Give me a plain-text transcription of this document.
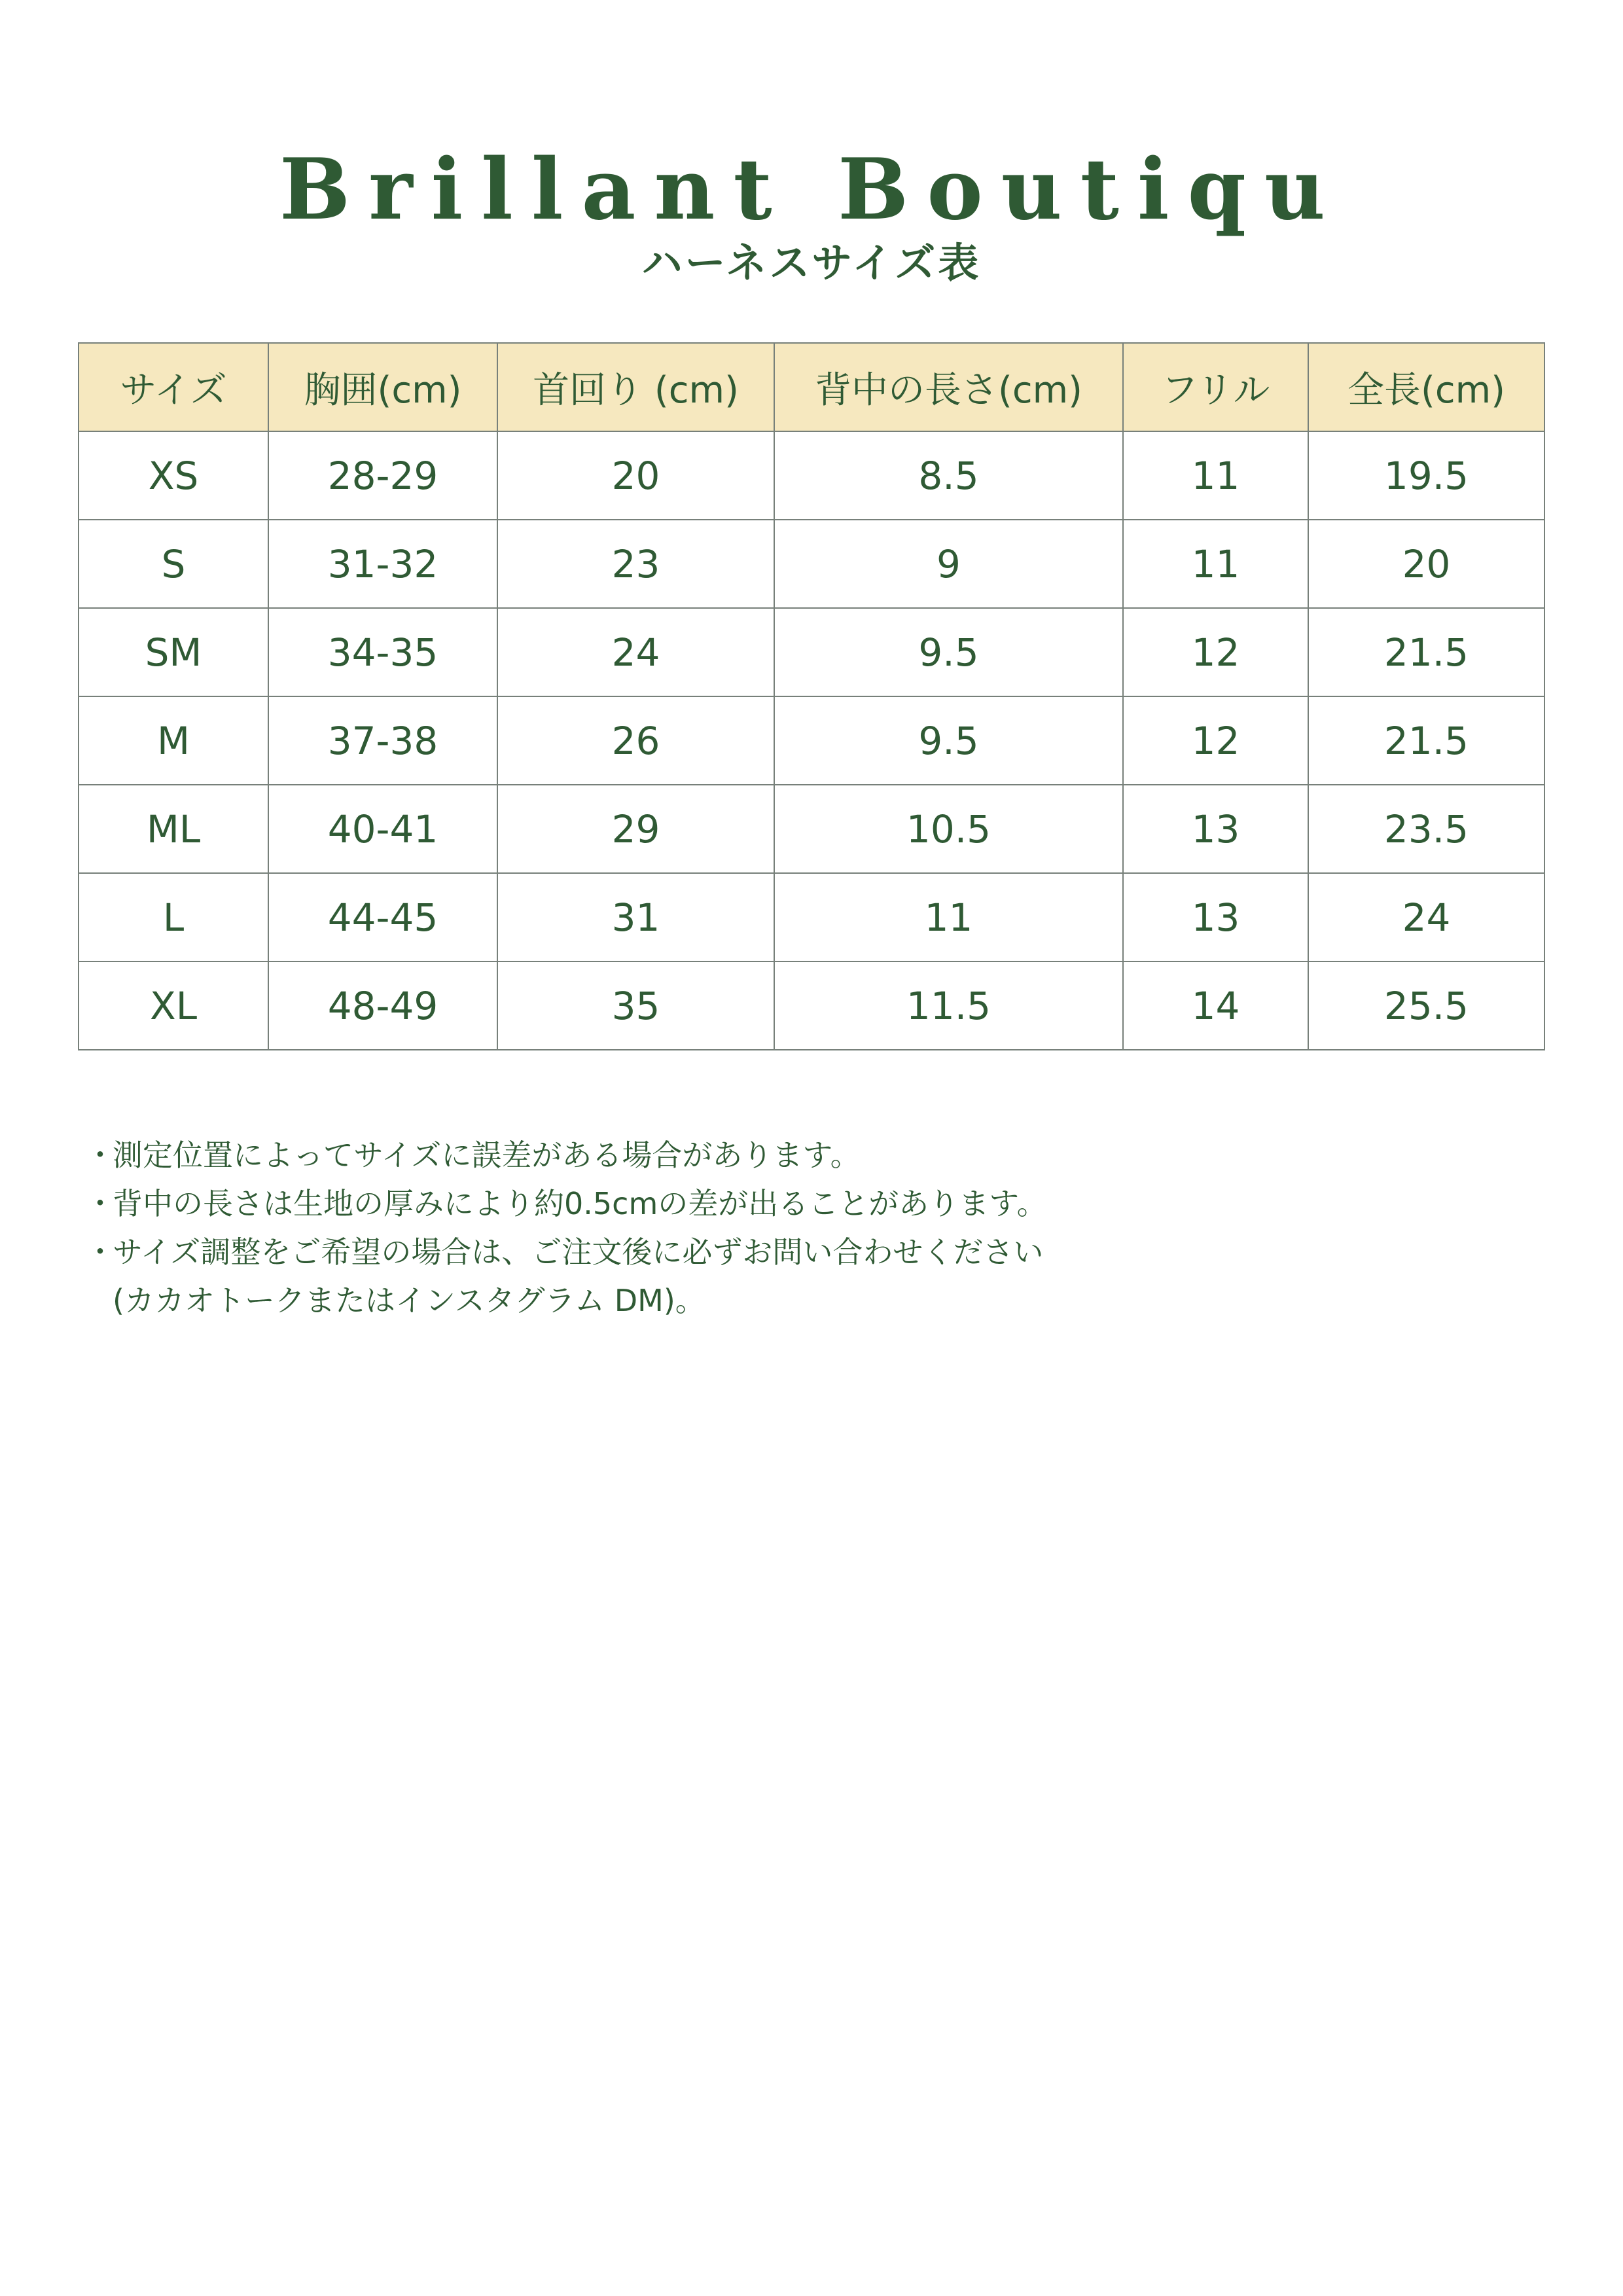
Brillant Boutiqu
ハーネスサイズ表
サイズ	胸囲(cm)	首回り (cm)	背中の長さ(cm)	フリル	全長(cm)
XS	28-29	20	8.5	11	19.5
S	31-32	23	9	11	20
SM	34-35	24	9.5	12	21.5
M	37-38	26	9.5	12	21.5
ML	40-41	29	10.5	13	23.5
L	44-45	31	11	13	24
XL	48-49	35	11.5	14	25.5
・
測定位置によってサイズに誤差がある場合があります。
・
背中の長さは生地の厚みにより約0.5cmの差が出ることがあります。
・
サイズ調整をご希望の場合は、ご注文後に必ずお問い合わせください
(カカオトークまたはインスタグラム DM)。
